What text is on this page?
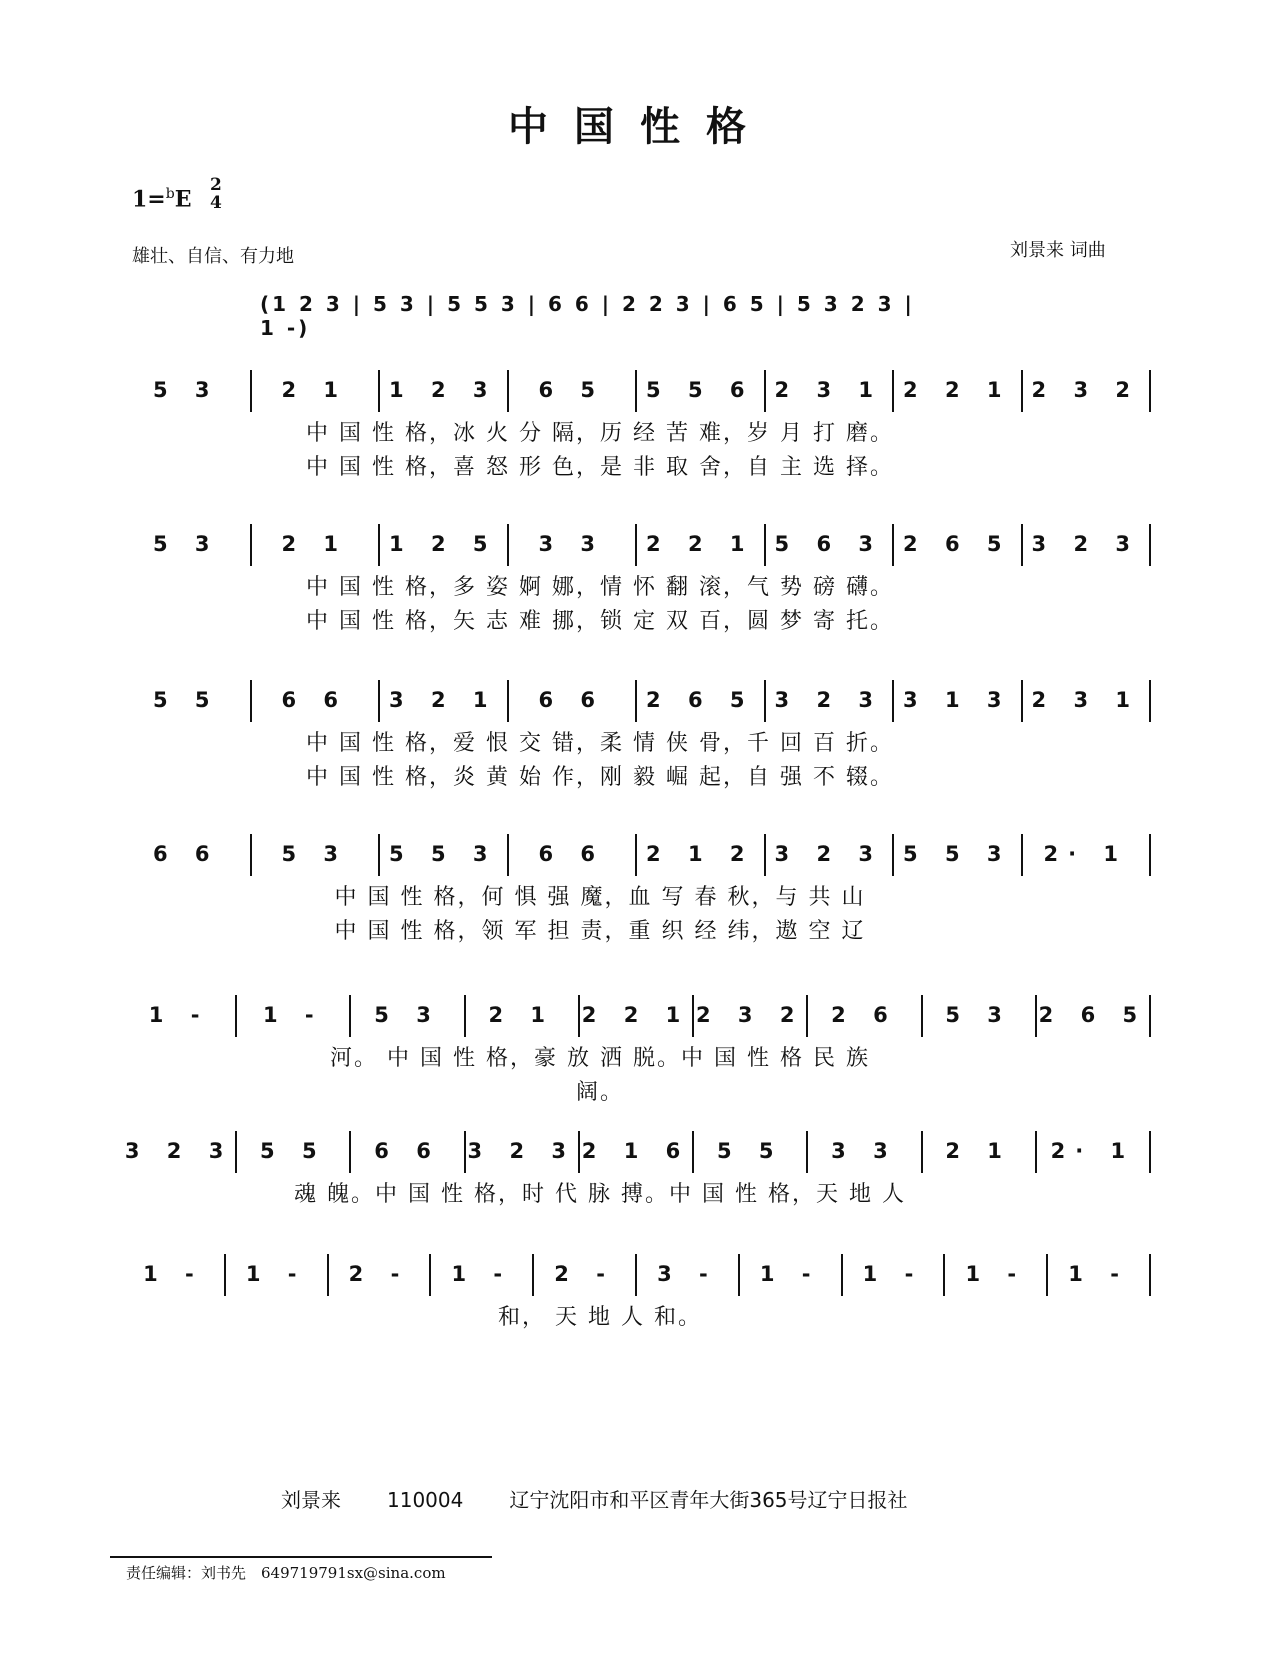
中国性格
1=$^b$E
2
4
雄壮、自信、有力地	刘景来 词曲
(1 2 3 | 5 3 | 5 5 3 | 6 6 | 2 2 3 | 6 5 | 5 3 2 3 | 1 -)
5 3	2 1 1 2 3 6 5 5 5 6 2 3 1 2 2 1 2 3 2
中 国 性 格，冰 火 分 隔，历 经 苦 难，岁 月 打 磨。
中 国 性 格，喜 怒 形 色，是 非 取 舍，自 主 选 择。
5 3	2 1 1 2 5 3 3 2 2 1 5 6 3 2 6 5 3 2 3
中 国 性 格，多 姿 婀 娜，情 怀 翻 滚，气 势 磅 礴。
中 国 性 格，矢 志 难 挪，锁 定 双 百，圆 梦 寄 托。
5 5	6 6 3 2 1 6 6 2 6 5 3 2 3 3 1 3 2 3 1
中 国 性 格，爱 恨 交 错，柔 情 侠 骨，千 回 百 折。
中 国 性 格，炎 黄 始 作，刚 毅 崛 起，自 强 不 辍。
6 6	5 3 5 5 3 6 6 2 1 2 3 2 3 5 5 3 2· 1
中 国 性 格，何 惧 强 魔，血 写 春 秋，与 共 山
中 国 性 格，领 军 担 责，重 织 经 纬，遨 空 辽
1 -	1 - 5 3 2 1 2 2 1 2 3 2 2 6 5 3 2 6 5
河。 中 国 性 格，豪 放 洒 脱。中 国 性 格 民 族
阔。
3 2 3 5 5 6 6 3 2 3 2 1 6 5 5 3 3 2 1 2· 1
魂 魄。中 国 性 格，时 代 脉 搏。中 国 性 格，天 地 人
1 - 1 - 2 - 1 - 2 - 3 - 1 - 1 - 1 - 1 -
和， 天 地 人 和。
刘景来 110004 辽宁沈阳市和平区青年大街365号辽宁日报社
责任编辑：刘书先　649719791sx@sina.com
